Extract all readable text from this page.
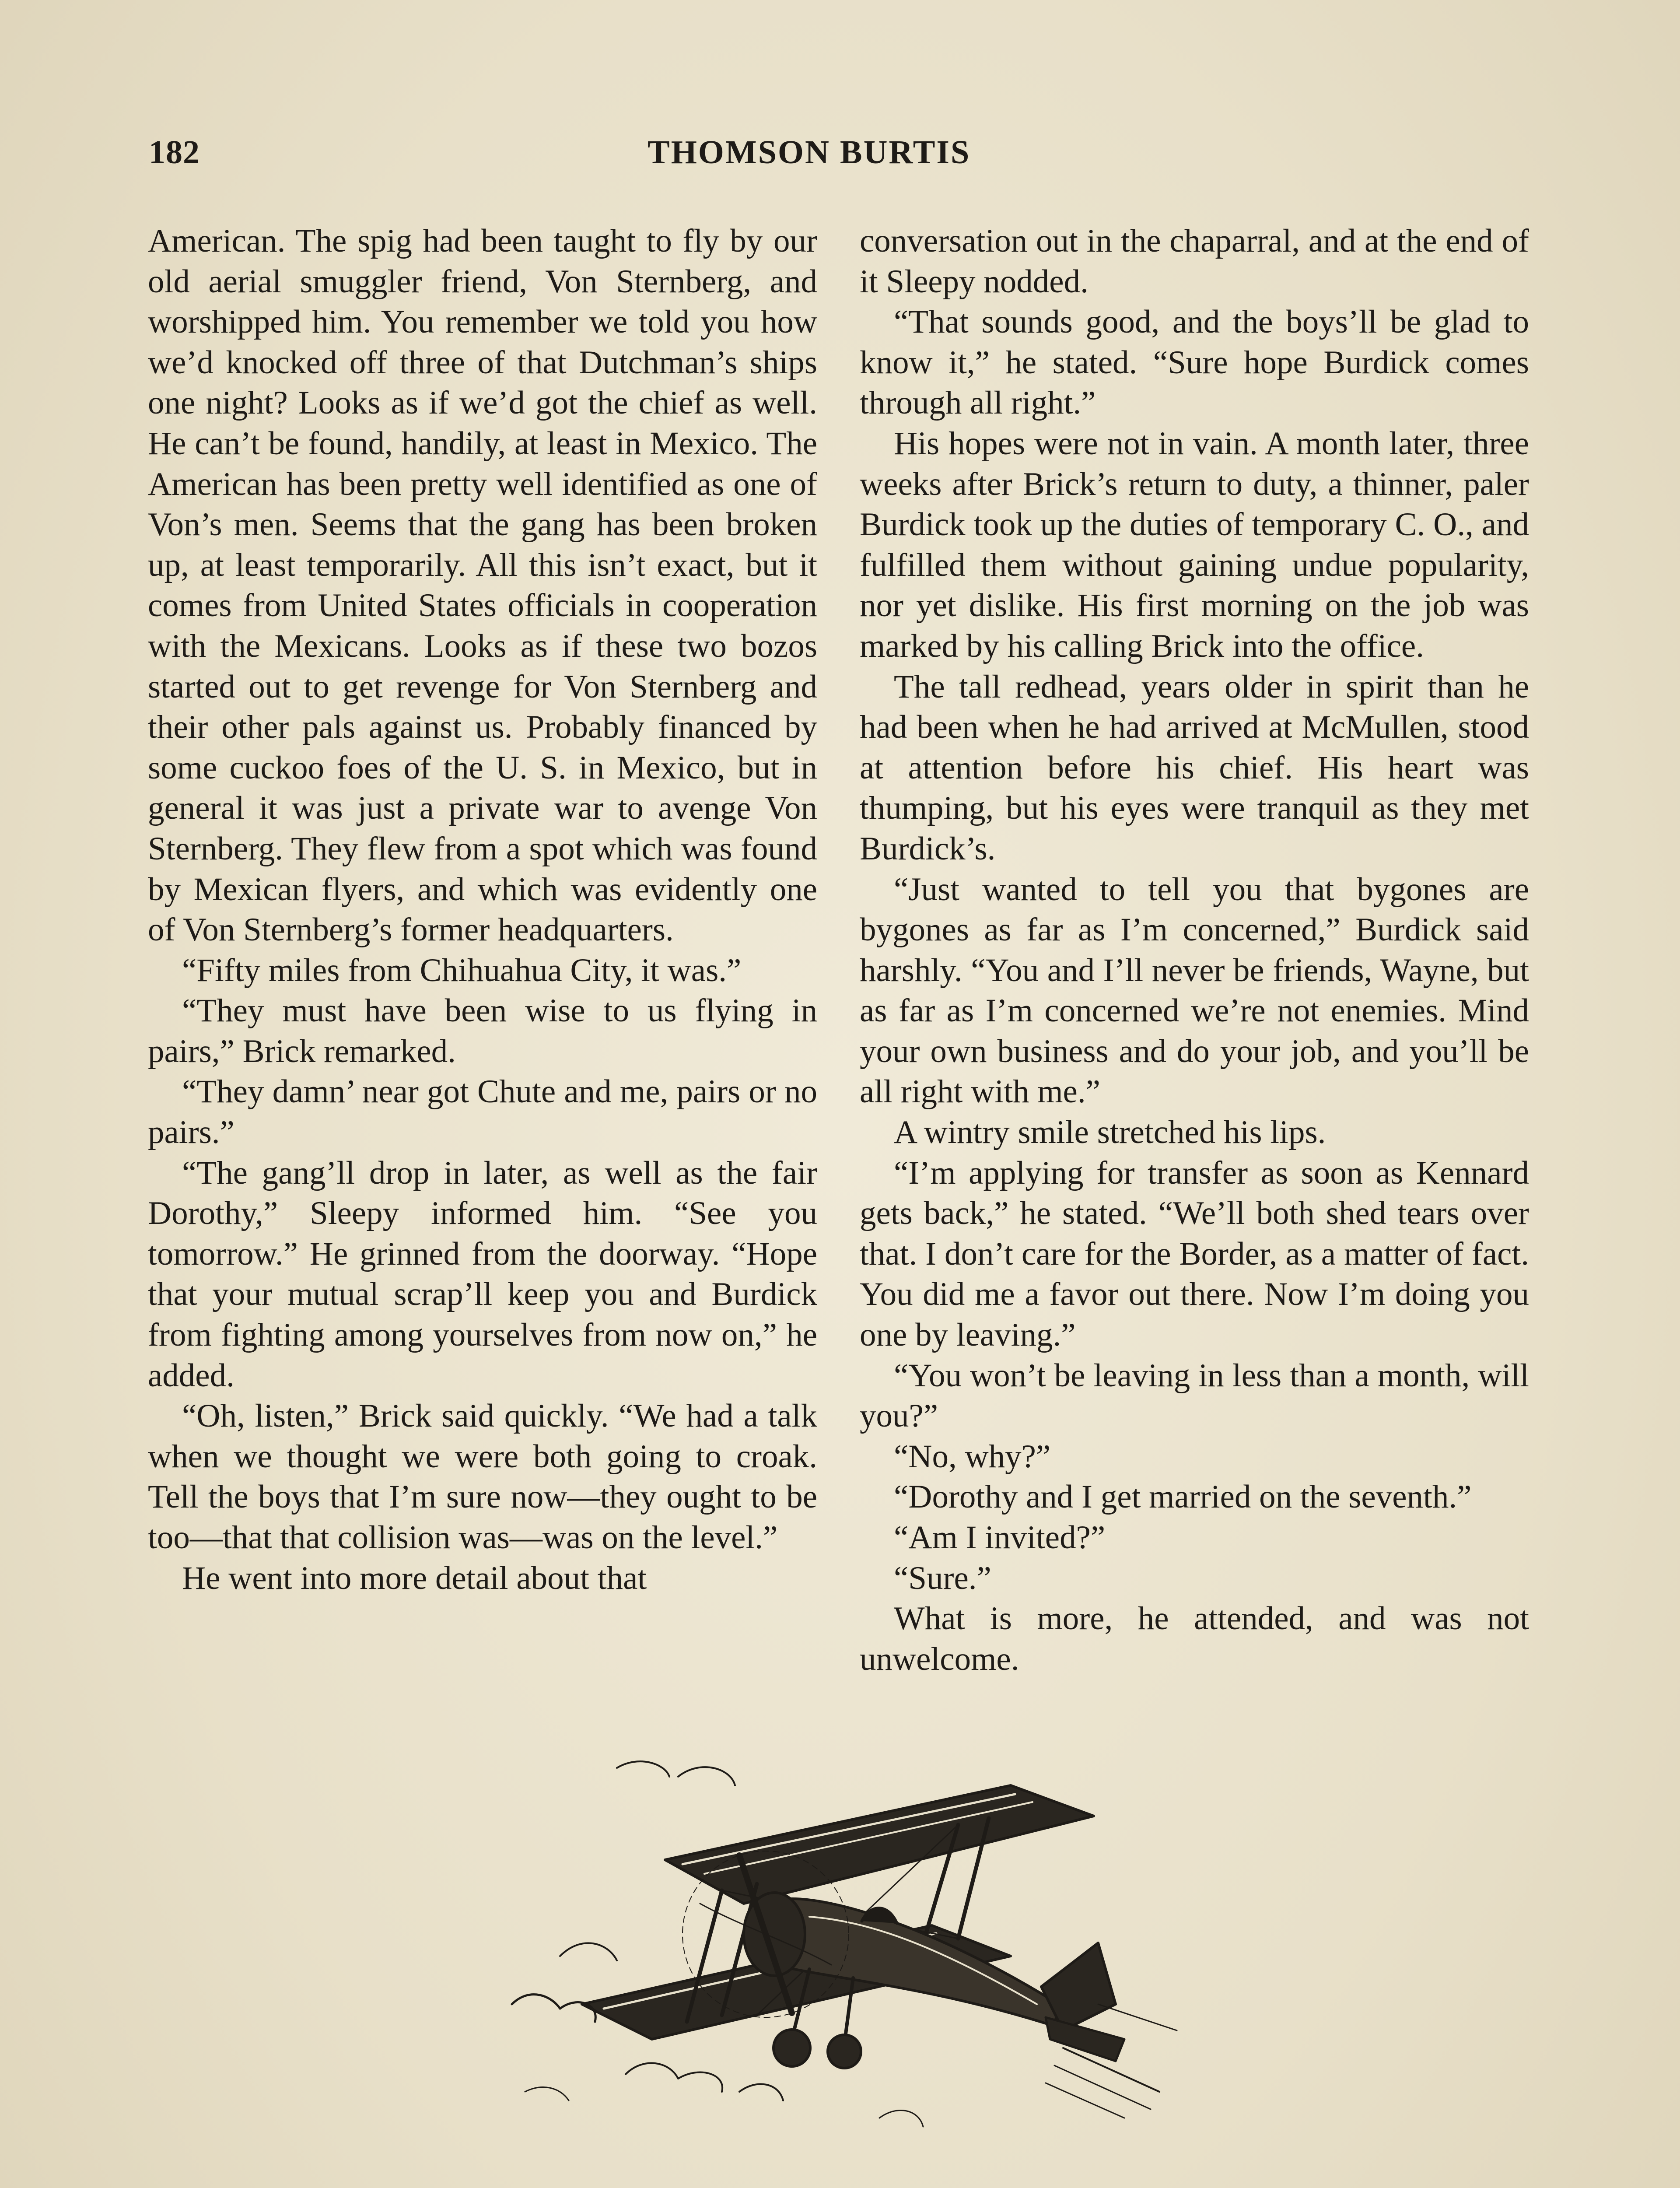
182	THOMSON BURTIS

American. The spig had been taught to fly by our old aerial smuggler friend, Von Sternberg, and worshipped him. You remember we told you how we’d knocked off three of that Dutchman’s ships one night? Looks as if we’d got the chief as well. He can’t be found, handily, at least in Mexico. The American has been pretty well identified as one of Von’s men. Seems that the gang has been broken up, at least temporarily. All this isn’t exact, but it comes from United States officials in cooperation with the Mexicans. Looks as if these two bozos started out to get revenge for Von Sternberg and their other pals against us. Probably financed by some cuckoo foes of the U. S. in Mexico, but in general it was just a private war to avenge Von Sternberg. They flew from a spot which was found by Mexican flyers, and which was evidently one of Von Sternberg’s former headquarters.

“Fifty miles from Chihuahua City, it was.”

“They must have been wise to us flying in pairs,” Brick remarked.

“They damn’ near got Chute and me, pairs or no pairs.”

“The gang’ll drop in later, as well as the fair Dorothy,” Sleepy informed him. “See you tomorrow.” He grinned from the doorway. “Hope that your mutual scrap’ll keep you and Burdick from fighting among yourselves from now on,” he added.

“Oh, listen,” Brick said quickly. “We had a talk when we thought we were both going to croak. Tell the boys that I’m sure now—they ought to be too—that that collision was—was on the level.”

He went into more detail about that

conversation out in the chaparral, and at the end of it Sleepy nodded.

“That sounds good, and the boys’ll be glad to know it,” he stated. “Sure hope Burdick comes through all right.”

His hopes were not in vain. A month later, three weeks after Brick’s return to duty, a thinner, paler Burdick took up the duties of temporary C. O., and fulfilled them without gaining undue popularity, nor yet dislike. His first morning on the job was marked by his calling Brick into the office.

The tall redhead, years older in spirit than he had been when he had arrived at McMullen, stood at attention before his chief. His heart was thumping, but his eyes were tranquil as they met Burdick’s.

“Just wanted to tell you that bygones are bygones as far as I’m concerned,” Burdick said harshly. “You and I’ll never be friends, Wayne, but as far as I’m concerned we’re not enemies. Mind your own business and do your job, and you’ll be all right with me.”

A wintry smile stretched his lips.

“I’m applying for transfer as soon as Kennard gets back,” he stated. “We’ll both shed tears over that. I don’t care for the Border, as a matter of fact. You did me a favor out there. Now I’m doing you one by leaving.”

“You won’t be leaving in less than a month, will you?”

“No, why?”

“Dorothy and I get married on the seventh.”

“Am I invited?”

“Sure.”

What is more, he attended, and was not unwelcome.
